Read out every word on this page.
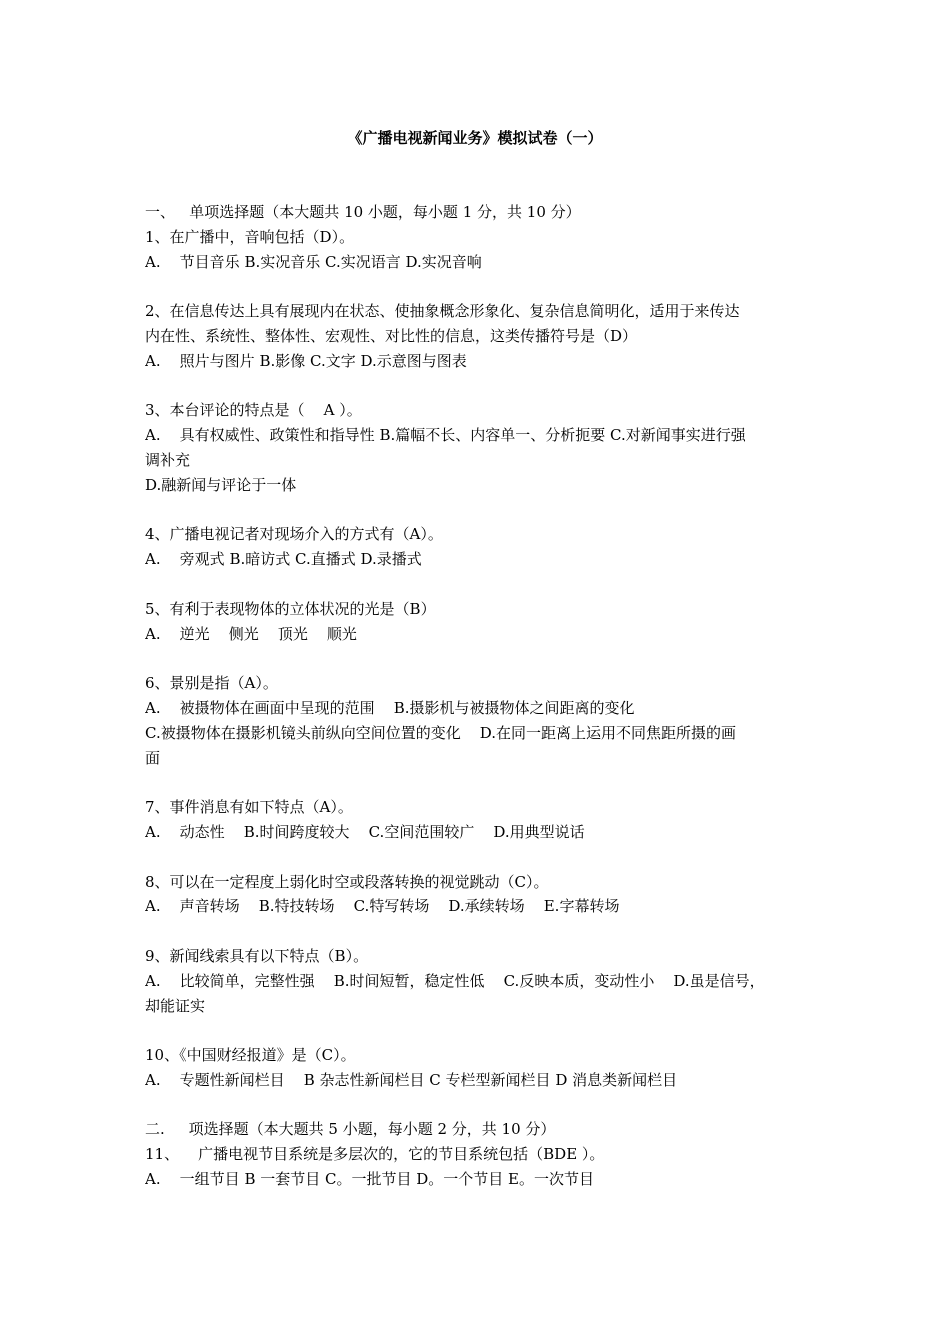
《广播电视新闻业务》模拟试卷（一）
一、   单项选择题（本大题共 10 小题，每小题 1 分，共 10 分）
1、在广播中，音响包括（D）。
A.    节目音乐 B.实况音乐 C.实况语言 D.实况音响
2、在信息传达上具有展现内在状态、使抽象概念形象化、复杂信息简明化，适用于来传达
内在性、系统性、整体性、宏观性、对比性的信息，这类传播符号是（D）
A.    照片与图片 B.影像 C.文字 D.示意图与图表
3、本台评论的特点是（    A ）。
A.    具有权威性、政策性和指导性 B.篇幅不长、内容单一、分析扼要 C.对新闻事实进行强
调补充
D.融新闻与评论于一体
4、广播电视记者对现场介入的方式有（A）。
A.    旁观式 B.暗访式 C.直播式 D.录播式
5、有利于表现物体的立体状况的光是（B）
A.    逆光    侧光    顶光    顺光
6、景别是指（A）。
A.    被摄物体在画面中呈现的范围    B.摄影机与被摄物体之间距离的变化
C.被摄物体在摄影机镜头前纵向空间位置的变化    D.在同一距离上运用不同焦距所摄的画
面
7、事件消息有如下特点（A）。
A.    动态性    B.时间跨度较大    C.空间范围较广    D.用典型说话
8、可以在一定程度上弱化时空或段落转换的视觉跳动（C）。
A.    声音转场    B.特技转场    C.特写转场    D.承续转场    E.字幕转场
9、新闻线索具有以下特点（B）。
A.    比较简单，完整性强    B.时间短暂，稳定性低    C.反映本质，变动性小    D.虽是信号，
却能证实
10、《中国财经报道》是（C）。
A.    专题性新闻栏目    B 杂志性新闻栏目 C 专栏型新闻栏目 D 消息类新闻栏目
二.     项选择题（本大题共 5 小题，每小题 2 分，共 10 分）
11、    广播电视节目系统是多层次的，它的节目系统包括（BDE ）。
A.    一组节目 B 一套节目 C。一批节目 D。一个节目 E。一次节目
